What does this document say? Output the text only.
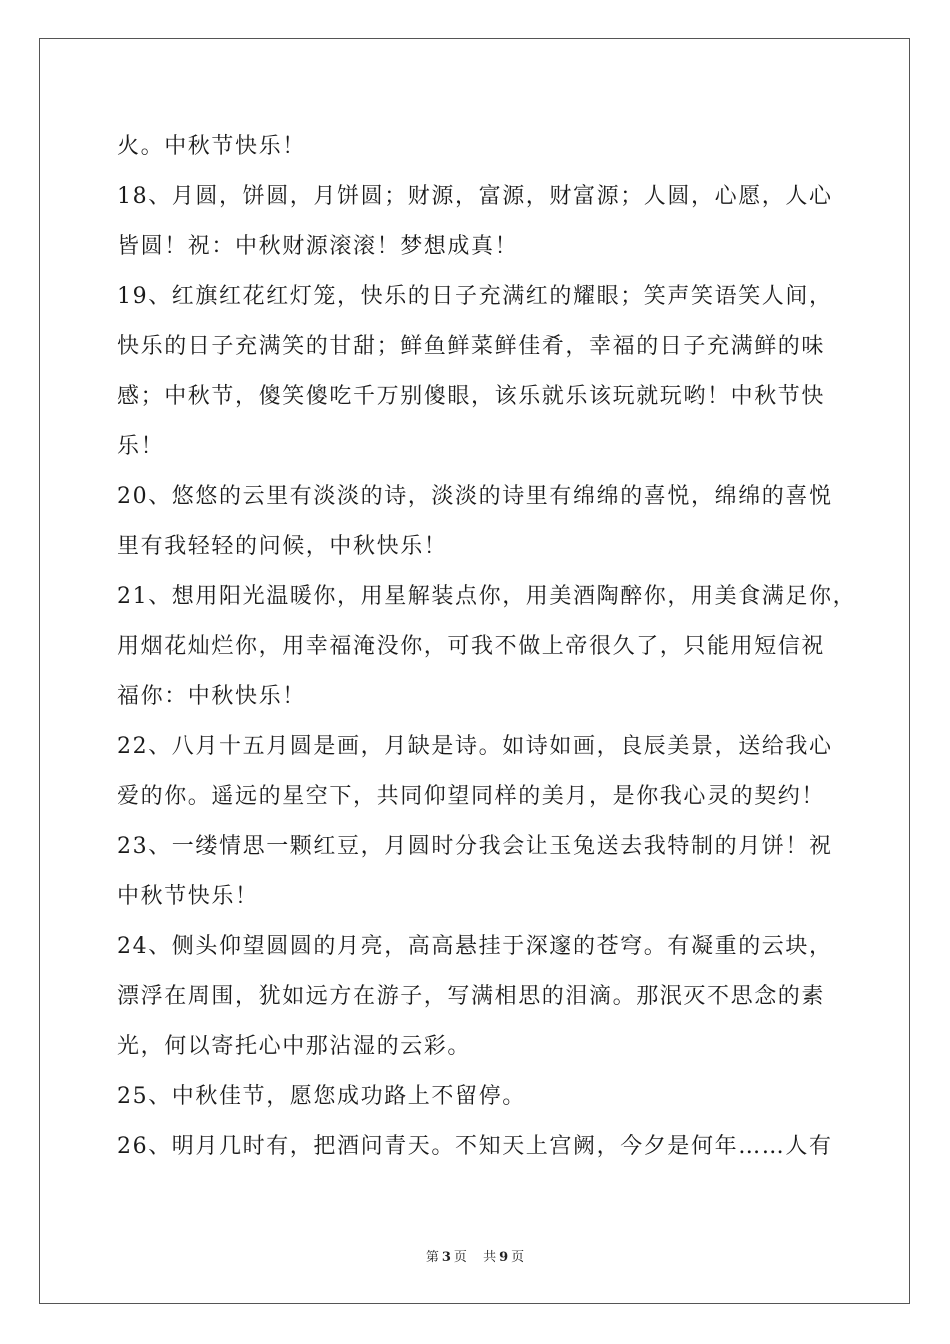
火。中秋节快乐！
18、月圆，饼圆，月饼圆；财源，富源，财富源；人圆，心愿，人心
皆圆！祝：中秋财源滚滚！梦想成真！
19、红旗红花红灯笼，快乐的日子充满红的耀眼；笑声笑语笑人间，
快乐的日子充满笑的甘甜；鲜鱼鲜菜鲜佳肴，幸福的日子充满鲜的味
感；中秋节，傻笑傻吃千万别傻眼，该乐就乐该玩就玩哟！中秋节快
乐！
20、悠悠的云里有淡淡的诗，淡淡的诗里有绵绵的喜悦，绵绵的喜悦
里有我轻轻的问候，中秋快乐！
21、想用阳光温暖你，用星解装点你，用美酒陶醉你，用美食满足你，
用烟花灿烂你，用幸福淹没你，可我不做上帝很久了，只能用短信祝
福你：中秋快乐！
22、八月十五月圆是画，月缺是诗。如诗如画，良辰美景，送给我心
爱的你。遥远的星空下，共同仰望同样的美月，是你我心灵的契约！
23、一缕情思一颗红豆，月圆时分我会让玉兔送去我特制的月饼！祝
中秋节快乐！
24、侧头仰望圆圆的月亮，高高悬挂于深邃的苍穹。有凝重的云块，
漂浮在周围，犹如远方在游子，写满相思的泪滴。那泯灭不思念的素
光，何以寄托心中那沾湿的云彩。
25、中秋佳节，愿您成功路上不留停。
26、明月几时有，把酒问青天。不知天上宫阙，今夕是何年……人有
第 3 页 共 9 页
